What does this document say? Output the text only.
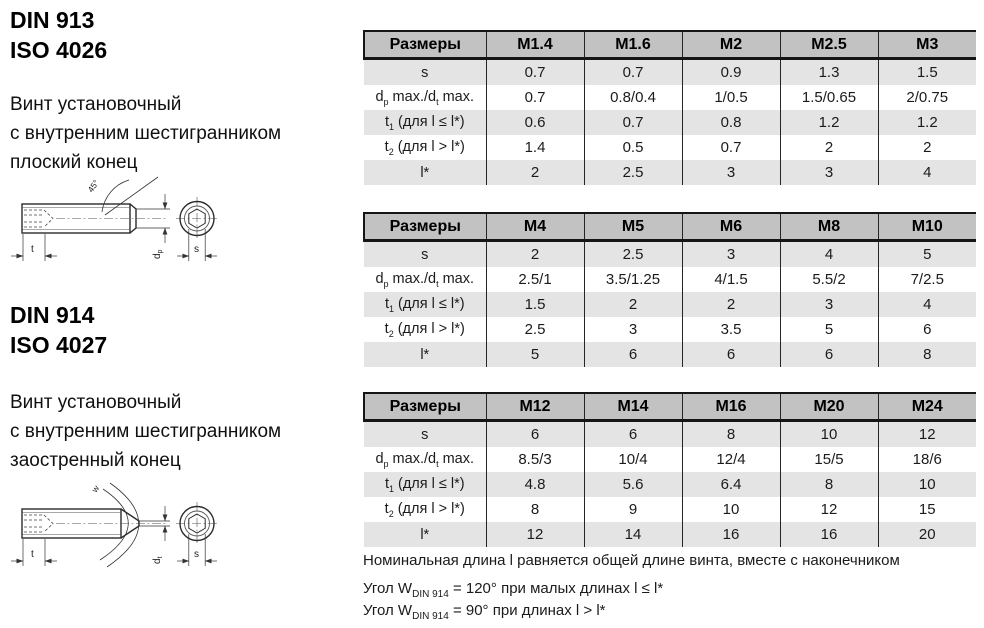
DIN 913
ISO 4026
Винт установочный
с внутренним шестигранником
плоский конец
45°
t
$d_p$	s
DIN 914
ISO 4027
Винт установочный
с внутренним шестигранником
заостренный конец
w
t
$d_t$	s
Размеры	M1.4	M1.6	M2	M2.5	M3
s	0.7	0.7	0.9	1.3	1.5
$d_p$ $\max./d_t$ max.	0.7	0.8/0.4	1/0.5	1.5/0.65	2/0.75
$t_1$ (для l ≤ l*)	0.6	0.7	0.8	1.2	1.2
$t_2$ (для l > l*)	1.4	0.5	0.7	2	2
l*	2	2.5	3	3	4
Размеры	M4	M5	M6	M8	M10
s	2	2.5	3	4	5
$d_p$ $\max./d_t$ max.	2.5/1	3.5/1.25	4/1.5	5.5/2	7/2.5
$t_1$ (для l ≤ l*)	1.5	2	2	3	4
$t_2$ (для l > l*)	2.5	3	3.5	5	6
l*	5	6	6	6	8
Размеры	M12	M14	M16	M20	M24
s	6	6	8	10	12
$d_p$ $\max./d_t$ max.	8.5/3	10/4	12/4	15/5	18/6
$t_1$ (для l ≤ l*)	4.8	5.6	6.4	8	10
$t_2$ (для l > l*)	8	9	10	12	15
l*	12	14	16	16	20
Номинальная длина l равняется общей длине винта, вместе с наконечником
Угол $W_{DIN 914} = 120^\circ$ при малых длинах l ≤ l*
Угол $W_{DIN 914} = 90^\circ$ при длинах l > l*
